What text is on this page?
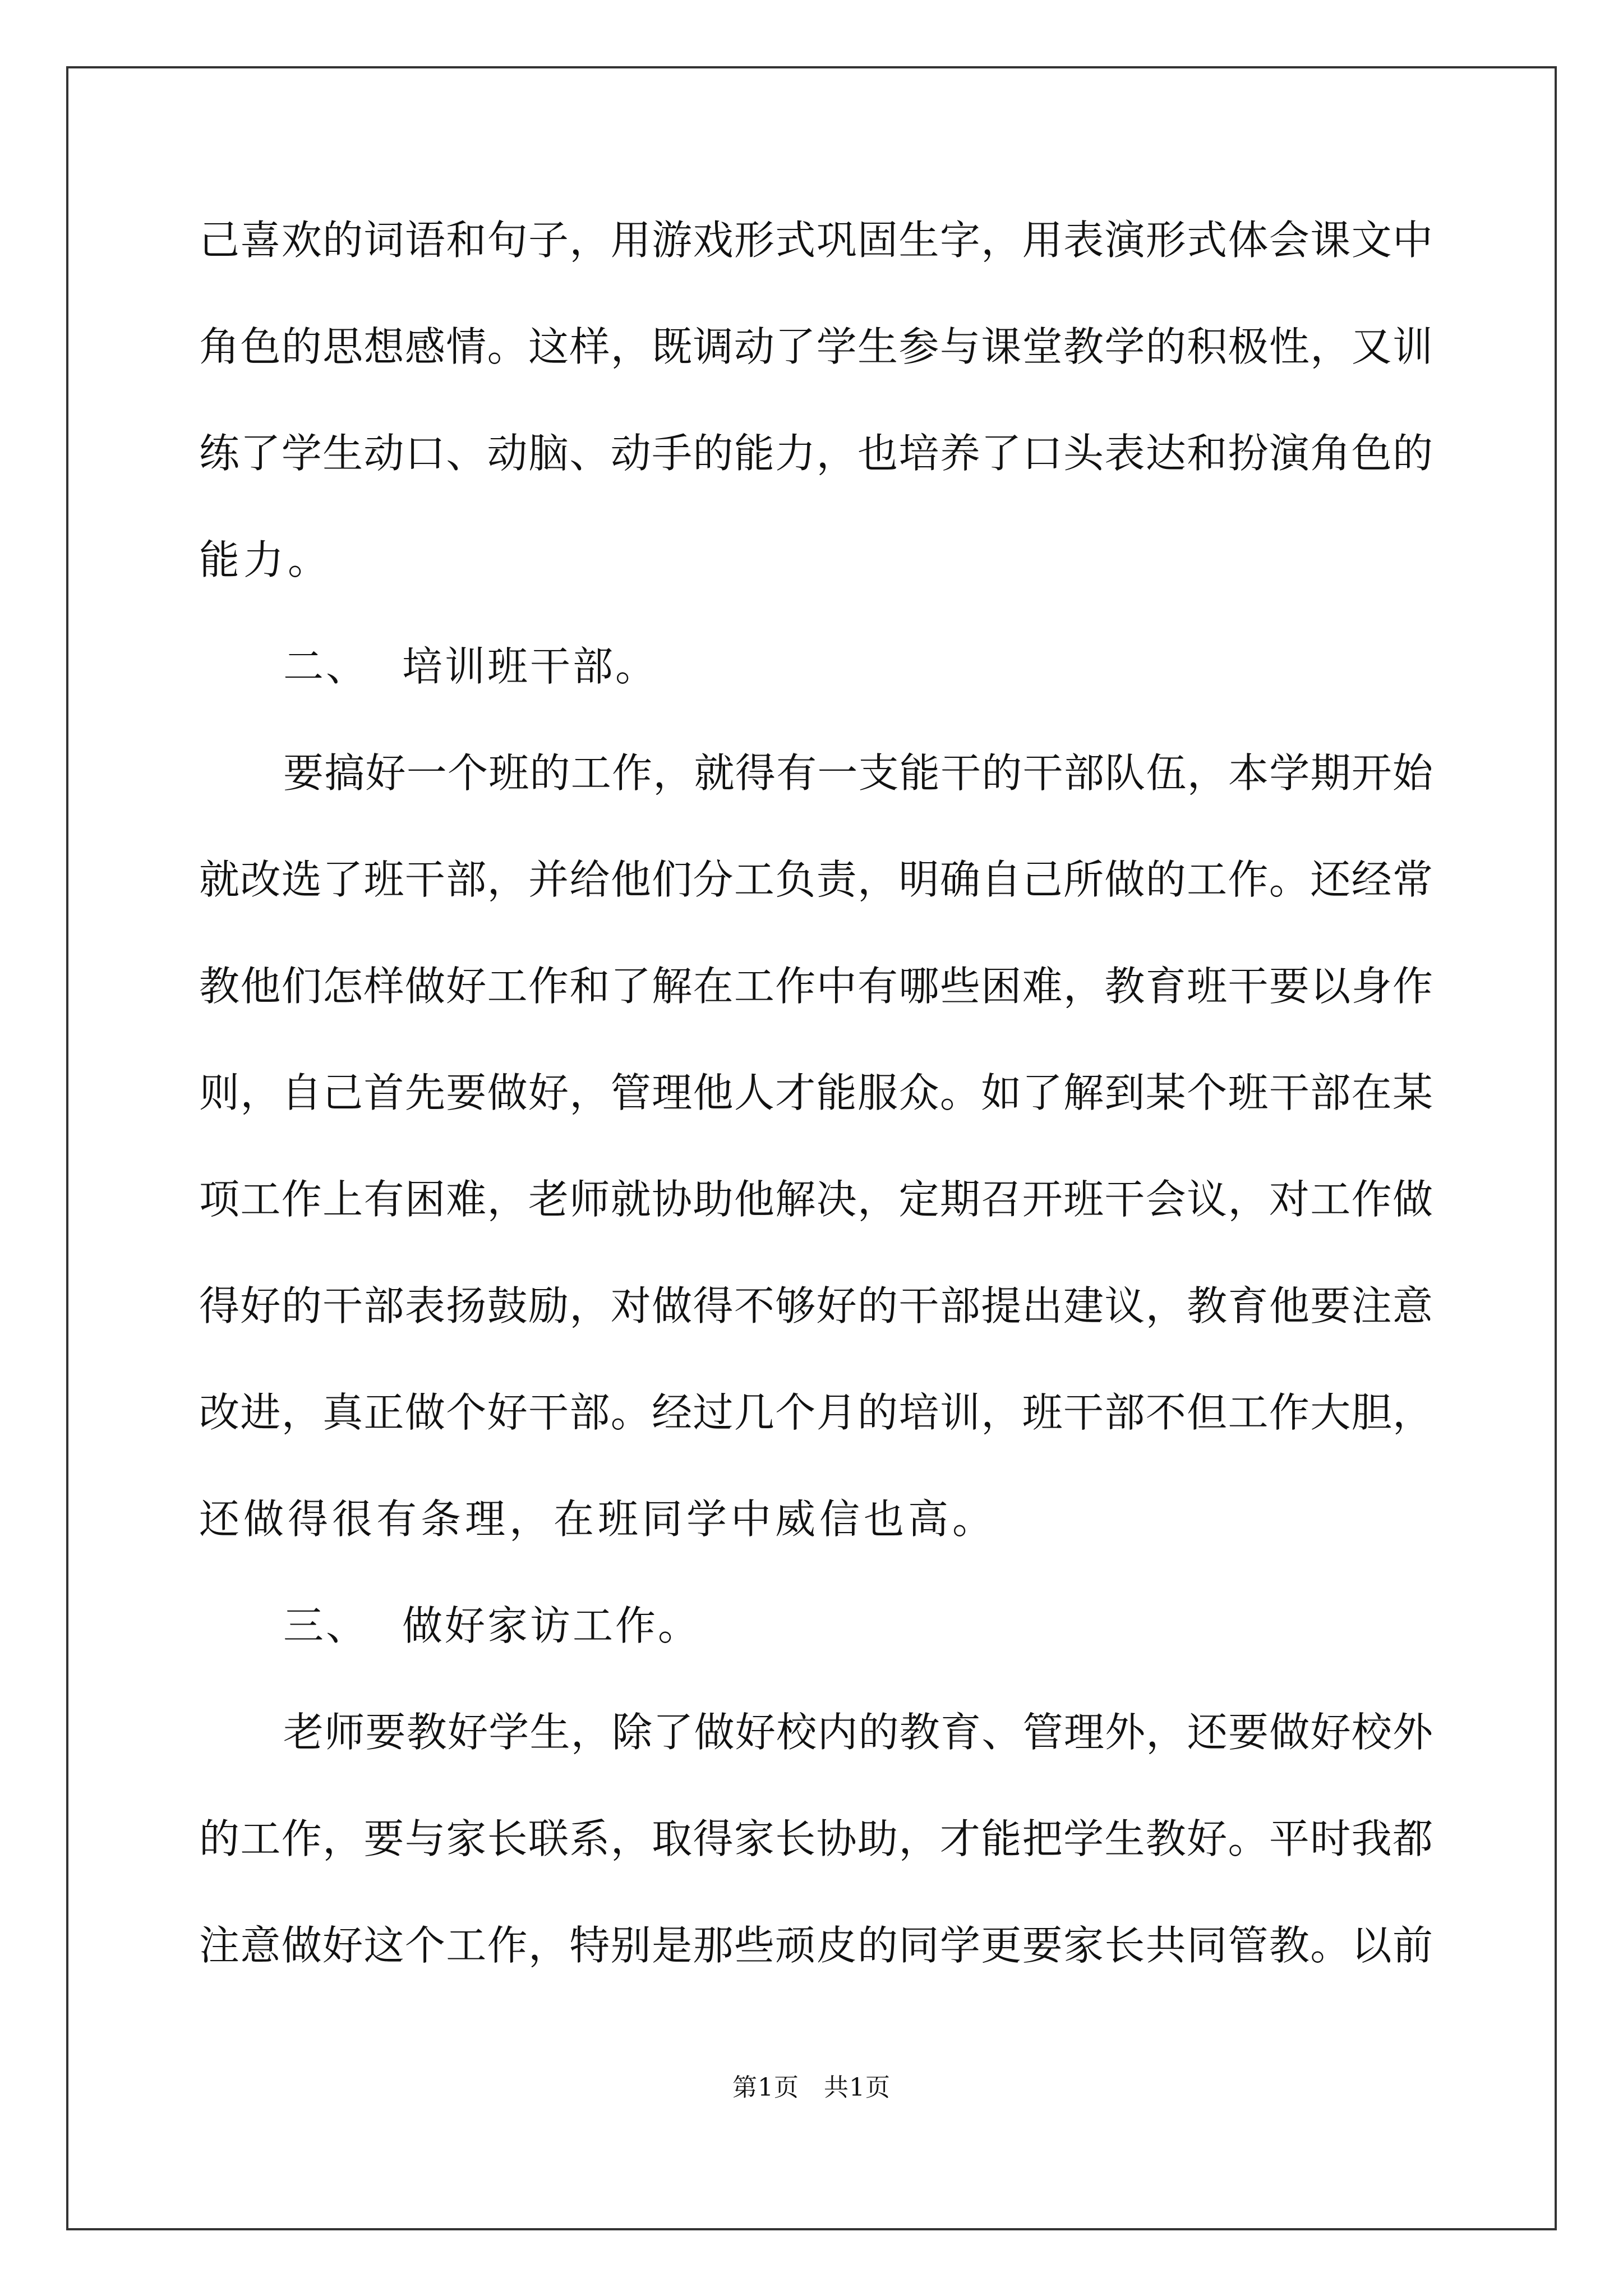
己喜欢的词语和句子，用游戏形式巩固生字，用表演形式体会课文中
角色的思想感情。这样，既调动了学生参与课堂教学的积极性，又训
练了学生动口、动脑、动手的能力，也培养了口头表达和扮演角色的
能力。
二、 培训班干部。
要搞好一个班的工作，就得有一支能干的干部队伍，本学期开始
就改选了班干部，并给他们分工负责，明确自己所做的工作。还经常
教他们怎样做好工作和了解在工作中有哪些困难，教育班干要以身作
则，自己首先要做好，管理他人才能服众。如了解到某个班干部在某
项工作上有困难，老师就协助他解决，定期召开班干会议，对工作做
得好的干部表扬鼓励，对做得不够好的干部提出建议，教育他要注意
改进，真正做个好干部。经过几个月的培训，班干部不但工作大胆，
还做得很有条理，在班同学中威信也高。
三、 做好家访工作。
老师要教好学生，除了做好校内的教育、管理外，还要做好校外
的工作，要与家长联系，取得家长协助，才能把学生教好。平时我都
注意做好这个工作，特别是那些顽皮的同学更要家长共同管教。以前
第1页 共1页
